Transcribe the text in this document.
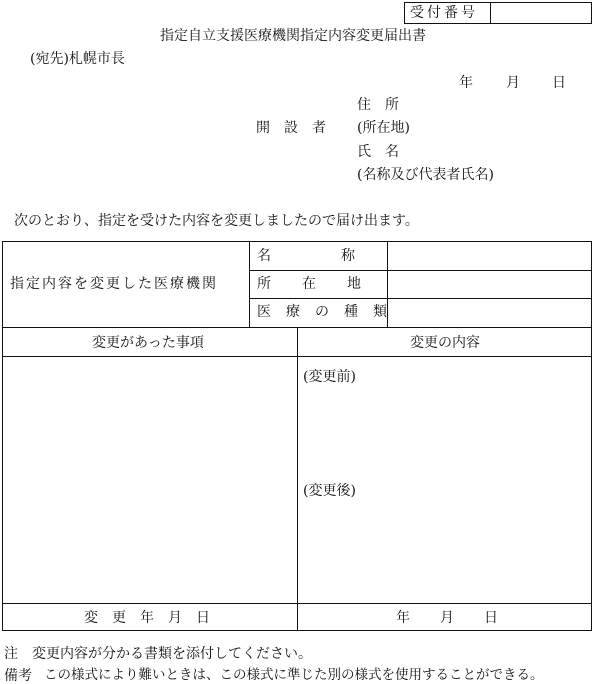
受付番号
指定自立支援医療機関指定内容変更届出書
(宛先)札幌市長
年 月 日
住　所
開　設　者 (所在地)
氏　名
(名称及び代表者氏名)
次のとおり、指定を受けた内容を変更しましたので届け出ます。
指定内容を変更した医療機関
名　　　　　称
所　　在　　地
医　療　の　種　類
変更があった事項	変更の内容
(変更前)
(変更後)
変　更　年　月　日	年 月 日
注 変更内容が分かる書類を添付してください。
備考 この様式により難いときは、この様式に準じた別の様式を使用することができる。
